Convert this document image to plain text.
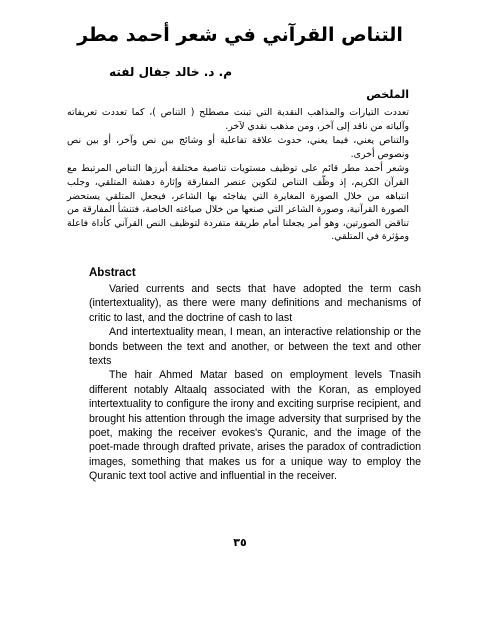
التناص القرآني في شعر أحمد مطر
م. د. خالد جفال لفته
الملخص

تعددت التيارات والمذاهب النقدية التي تبنت مصطلح ( التناص )، كما تعددت تعريفاته وآلياته من ناقد إلى آخر، ومن مذهب نقدي لآخر.

والتناص يعني، فيما يعني، حدوث علاقة تفاعلية أو وشائج بين نص وآخر، أو بين نص ونصوص أخرى.

وشعر أحمد مطر قائم على توظيف مستويات تناصية مختلفة أبرزها التناص المرتبط مع القرآن الكريم، إذ وظّف التناص لتكوين عنصر المفارقة وإثارة دهشة المتلقي، وجلب انتباهه من خلال الصورة المغايرة التي يفاجئه بها الشاعر، فيجعل المتلقي يستحضر الصورة القرآنية، وصورة الشاعر التي صنعها من خلال صياغته الخاصة، فتنشأ المفارقة من تناقض الصورتين، وهو أمر يجعلنا أمام طريقة متفردة لتوظيف النص القرآني كأداة فاعلة ومؤثرة في المتلقي.

Abstract

Varied currents and sects that have adopted the term cash (intertextuality), as there were many definitions and mechanisms of critic to last, and the doctrine of cash to last

And intertextuality mean, I mean, an interactive relationship or the bonds between the text and another, or between the text and other texts

The hair Ahmed Matar based on employment levels Tnasih different notably Altaalq associated with the Koran, as employed intertextuality to configure the irony and exciting surprise recipient, and brought his attention through the image adversity that surprised by the poet, making the receiver evokes's Quranic, and the image of the poet-made through drafted private, arises the paradox of contradiction images, something that makes us for a unique way to employ the Quranic text tool active and influential in the receiver.

٣٥
